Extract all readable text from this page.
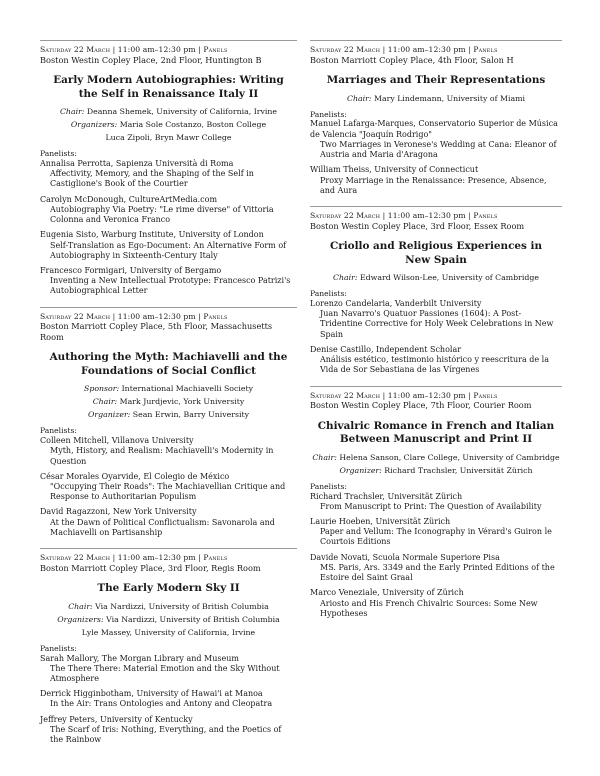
Saturday 22 March | 11:00 am–12:30 pm | Panels
Boston Westin Copley Place, 2nd Floor, Huntington B
Early Modern Autobiographies: Writing the Self in Renaissance Italy II
Chair: Deanna Shemek, University of California, Irvine
Organizers: Maria Sole Costanzo, Boston College
Luca Zipoli, Bryn Mawr College
Panelists:
Annalisa Perrotta, Sapienza Università di Roma
Affectivity, Memory, and the Shaping of the Self in Castiglione's Book of the Courtier
Carolyn McDonough, CultureArtMedia.com
Autobiography Via Poetry: "Le rime diverse" of Vittoria Colonna and Veronica Franco
Eugenia Sisto, Warburg Institute, University of London
Self-Translation as Ego-Document: An Alternative Form of Autobiography in Sixteenth-Century Italy
Francesco Formigari, University of Bergamo
Inventing a New Intellectual Prototype: Francesco Patrizi's Autobiographical Letter
Saturday 22 March | 11:00 am–12:30 pm | Panels
Boston Marriott Copley Place, 5th Floor, Massachusetts Room
Authoring the Myth: Machiavelli and the Foundations of Social Conflict
Sponsor: International Machiavelli Society
Chair: Mark Jurdjevic, York University
Organizer: Sean Erwin, Barry University
Panelists:
Colleen Mitchell, Villanova University
Myth, History, and Realism: Machiavelli's Modernity in Question
César Morales Oyarvide, El Colegio de México
"Occupying Their Roads": The Machiavellian Critique and Response to Authoritarian Populism
David Ragazzoni, New York University
At the Dawn of Political Conflictualism: Savonarola and Machiavelli on Partisanship
Saturday 22 March | 11:00 am–12:30 pm | Panels
Boston Marriott Copley Place, 3rd Floor, Regis Room
The Early Modern Sky II
Chair: Via Nardizzi, University of British Columbia
Organizers: Via Nardizzi, University of British Columbia
Lyle Massey, University of California, Irvine
Panelists:
Sarah Mallory, The Morgan Library and Museum
The There There: Material Emotion and the Sky Without Atmosphere
Derrick Higginbotham, University of Hawai'i at Manoa
In the Air: Trans Ontologies and Antony and Cleopatra
Jeffrey Peters, University of Kentucky
The Scarf of Iris: Nothing, Everything, and the Poetics of the Rainbow
Saturday 22 March | 11:00 am–12:30 pm | Panels
Boston Marriott Copley Place, 4th Floor, Salon H
Marriages and Their Representations
Chair: Mary Lindemann, University of Miami
Panelists:
Manuel Lafarga-Marques, Conservatorio Superior de Música de Valencia "Joaquín Rodrigo"
Two Marriages in Veronese's Wedding at Cana: Eleanor of Austria and Maria d'Aragona
William Theiss, University of Connecticut
Proxy Marriage in the Renaissance: Presence, Absence, and Aura
Saturday 22 March | 11:00 am–12:30 pm | Panels
Boston Westin Copley Place, 3rd Floor, Essex Room
Criollo and Religious Experiences in New Spain
Chair: Edward Wilson-Lee, University of Cambridge
Panelists:
Lorenzo Candelaria, Vanderbilt University
Juan Navarro's Quatuor Passiones (1604): A Post-Tridentine Corrective for Holy Week Celebrations in New Spain
Denise Castillo, Independent Scholar
Análisis estético, testimonio histórico y reescritura de la Vida de Sor Sebastiana de las Vírgenes
Saturday 22 March | 11:00 am–12:30 pm | Panels
Boston Westin Copley Place, 7th Floor, Courier Room
Chivalric Romance in French and Italian Between Manuscript and Print II
Chair: Helena Sanson, Clare College, University of Cambridge
Organizer: Richard Trachsler, Universität Zürich
Panelists:
Richard Trachsler, Universität Zürich
From Manuscript to Print: The Question of Availability
Laurie Hoeben, Universität Zürich
Paper and Vellum: The Iconography in Vérard's Guiron le Courtois Editions
Davide Novati, Scuola Normale Superiore Pisa
MS. Paris, Ars. 3349 and the Early Printed Editions of the Estoire del Saint Graal
Marco Veneziale, University of Zürich
Ariosto and His French Chivalric Sources: Some New Hypotheses
